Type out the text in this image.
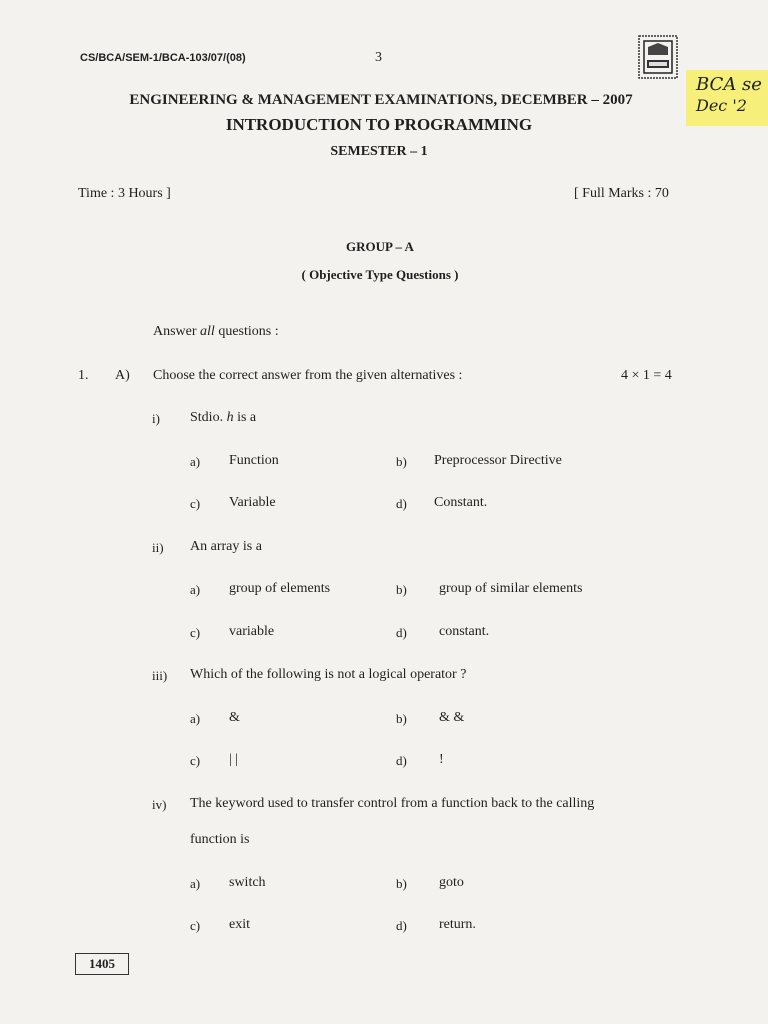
CS/BCA/SEM-1/BCA-103/07/(08)	3
BCA se
Dec '2
ENGINEERING & MANAGEMENT EXAMINATIONS, DECEMBER – 2007
INTRODUCTION TO PROGRAMMING
SEMESTER – 1
Time : 3 Hours ]	[ Full Marks : 70
GROUP – A
( Objective Type Questions )
Answer all questions :
1. A) Choose the correct answer from the given alternatives :	4 × 1 = 4
i) Stdio. h is a
a) Function	b) Preprocessor Directive
c) Variable	d) Constant.
ii) An array is a
a) group of elements	b) group of similar elements
c) variable	d) constant.
iii) Which of the following is not a logical operator ?
a) &	b) & &
c) | |	d) !
iv) The keyword used to transfer control from a function back to the calling
function is
a) switch	b) goto
c) exit	d) return.
1405
